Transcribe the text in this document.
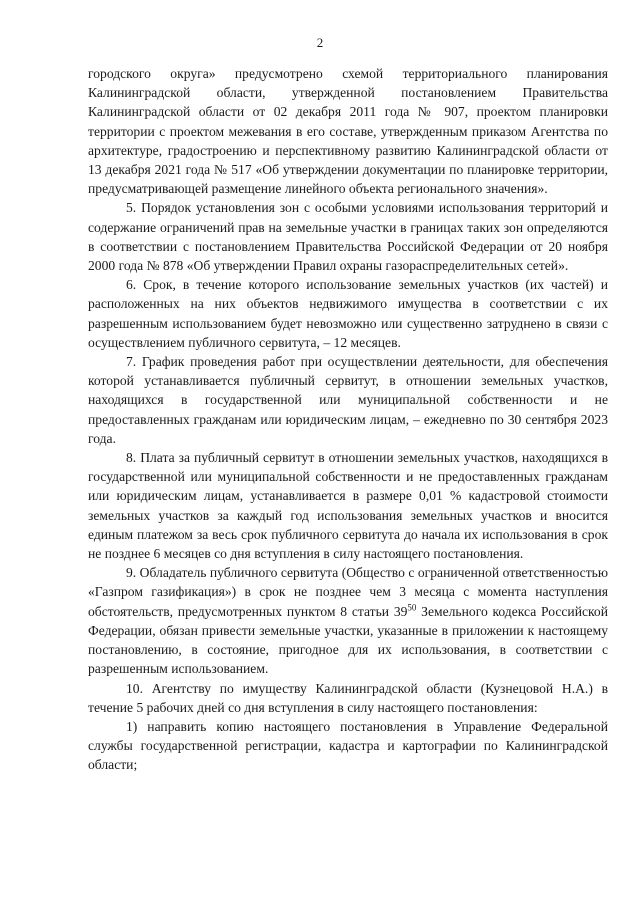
2

городского округа» предусмотрено схемой территориального планирования Калининградской области, утвержденной постановлением Правительства Калининградской области от 02 декабря 2011 года № 907, проектом планировки территории с проектом межевания в его составе, утвержденным приказом Агентства по архитектуре, градостроению и перспективному развитию Калининградской области от 13 декабря 2021 года № 517 «Об утверждении документации по планировке территории, предусматривающей размещение линейного объекта регионального значения».

5. Порядок установления зон с особыми условиями использования территорий и содержание ограничений прав на земельные участки в границах таких зон определяются в соответствии с постановлением Правительства Российской Федерации от 20 ноября 2000 года № 878 «Об утверждении Правил охраны газораспределительных сетей».

6. Срок, в течение которого использование земельных участков (их частей) и расположенных на них объектов недвижимого имущества в соответствии с их разрешенным использованием будет невозможно или существенно затруднено в связи с осуществлением публичного сервитута, – 12 месяцев.

7. График проведения работ при осуществлении деятельности, для обеспечения которой устанавливается публичный сервитут, в отношении земельных участков, находящихся в государственной или муниципальной собственности и не предоставленных гражданам или юридическим лицам, – ежедневно по 30 сентября 2023 года.

8. Плата за публичный сервитут в отношении земельных участков, находящихся в государственной или муниципальной собственности и не предоставленных гражданам или юридическим лицам, устанавливается в размере 0,01 % кадастровой стоимости земельных участков за каждый год использования земельных участков и вносится единым платежом за весь срок публичного сервитута до начала их использования в срок не позднее 6 месяцев со дня вступления в силу настоящего постановления.

9. Обладатель публичного сервитута (Общество с ограниченной ответственностью «Газпром газификация») в срок не позднее чем 3 месяца с момента наступления обстоятельств, предусмотренных пунктом 8 статьи $39^{50}$ Земельного кодекса Российской Федерации, обязан привести земельные участки, указанные в приложении к настоящему постановлению, в состояние, пригодное для их использования, в соответствии с разрешенным использованием.

10. Агентству по имуществу Калининградской области (Кузнецовой Н.А.) в течение 5 рабочих дней со дня вступления в силу настоящего постановления:

1) направить копию настоящего постановления в Управление Федеральной службы государственной регистрации, кадастра и картографии по Калининградской области;
